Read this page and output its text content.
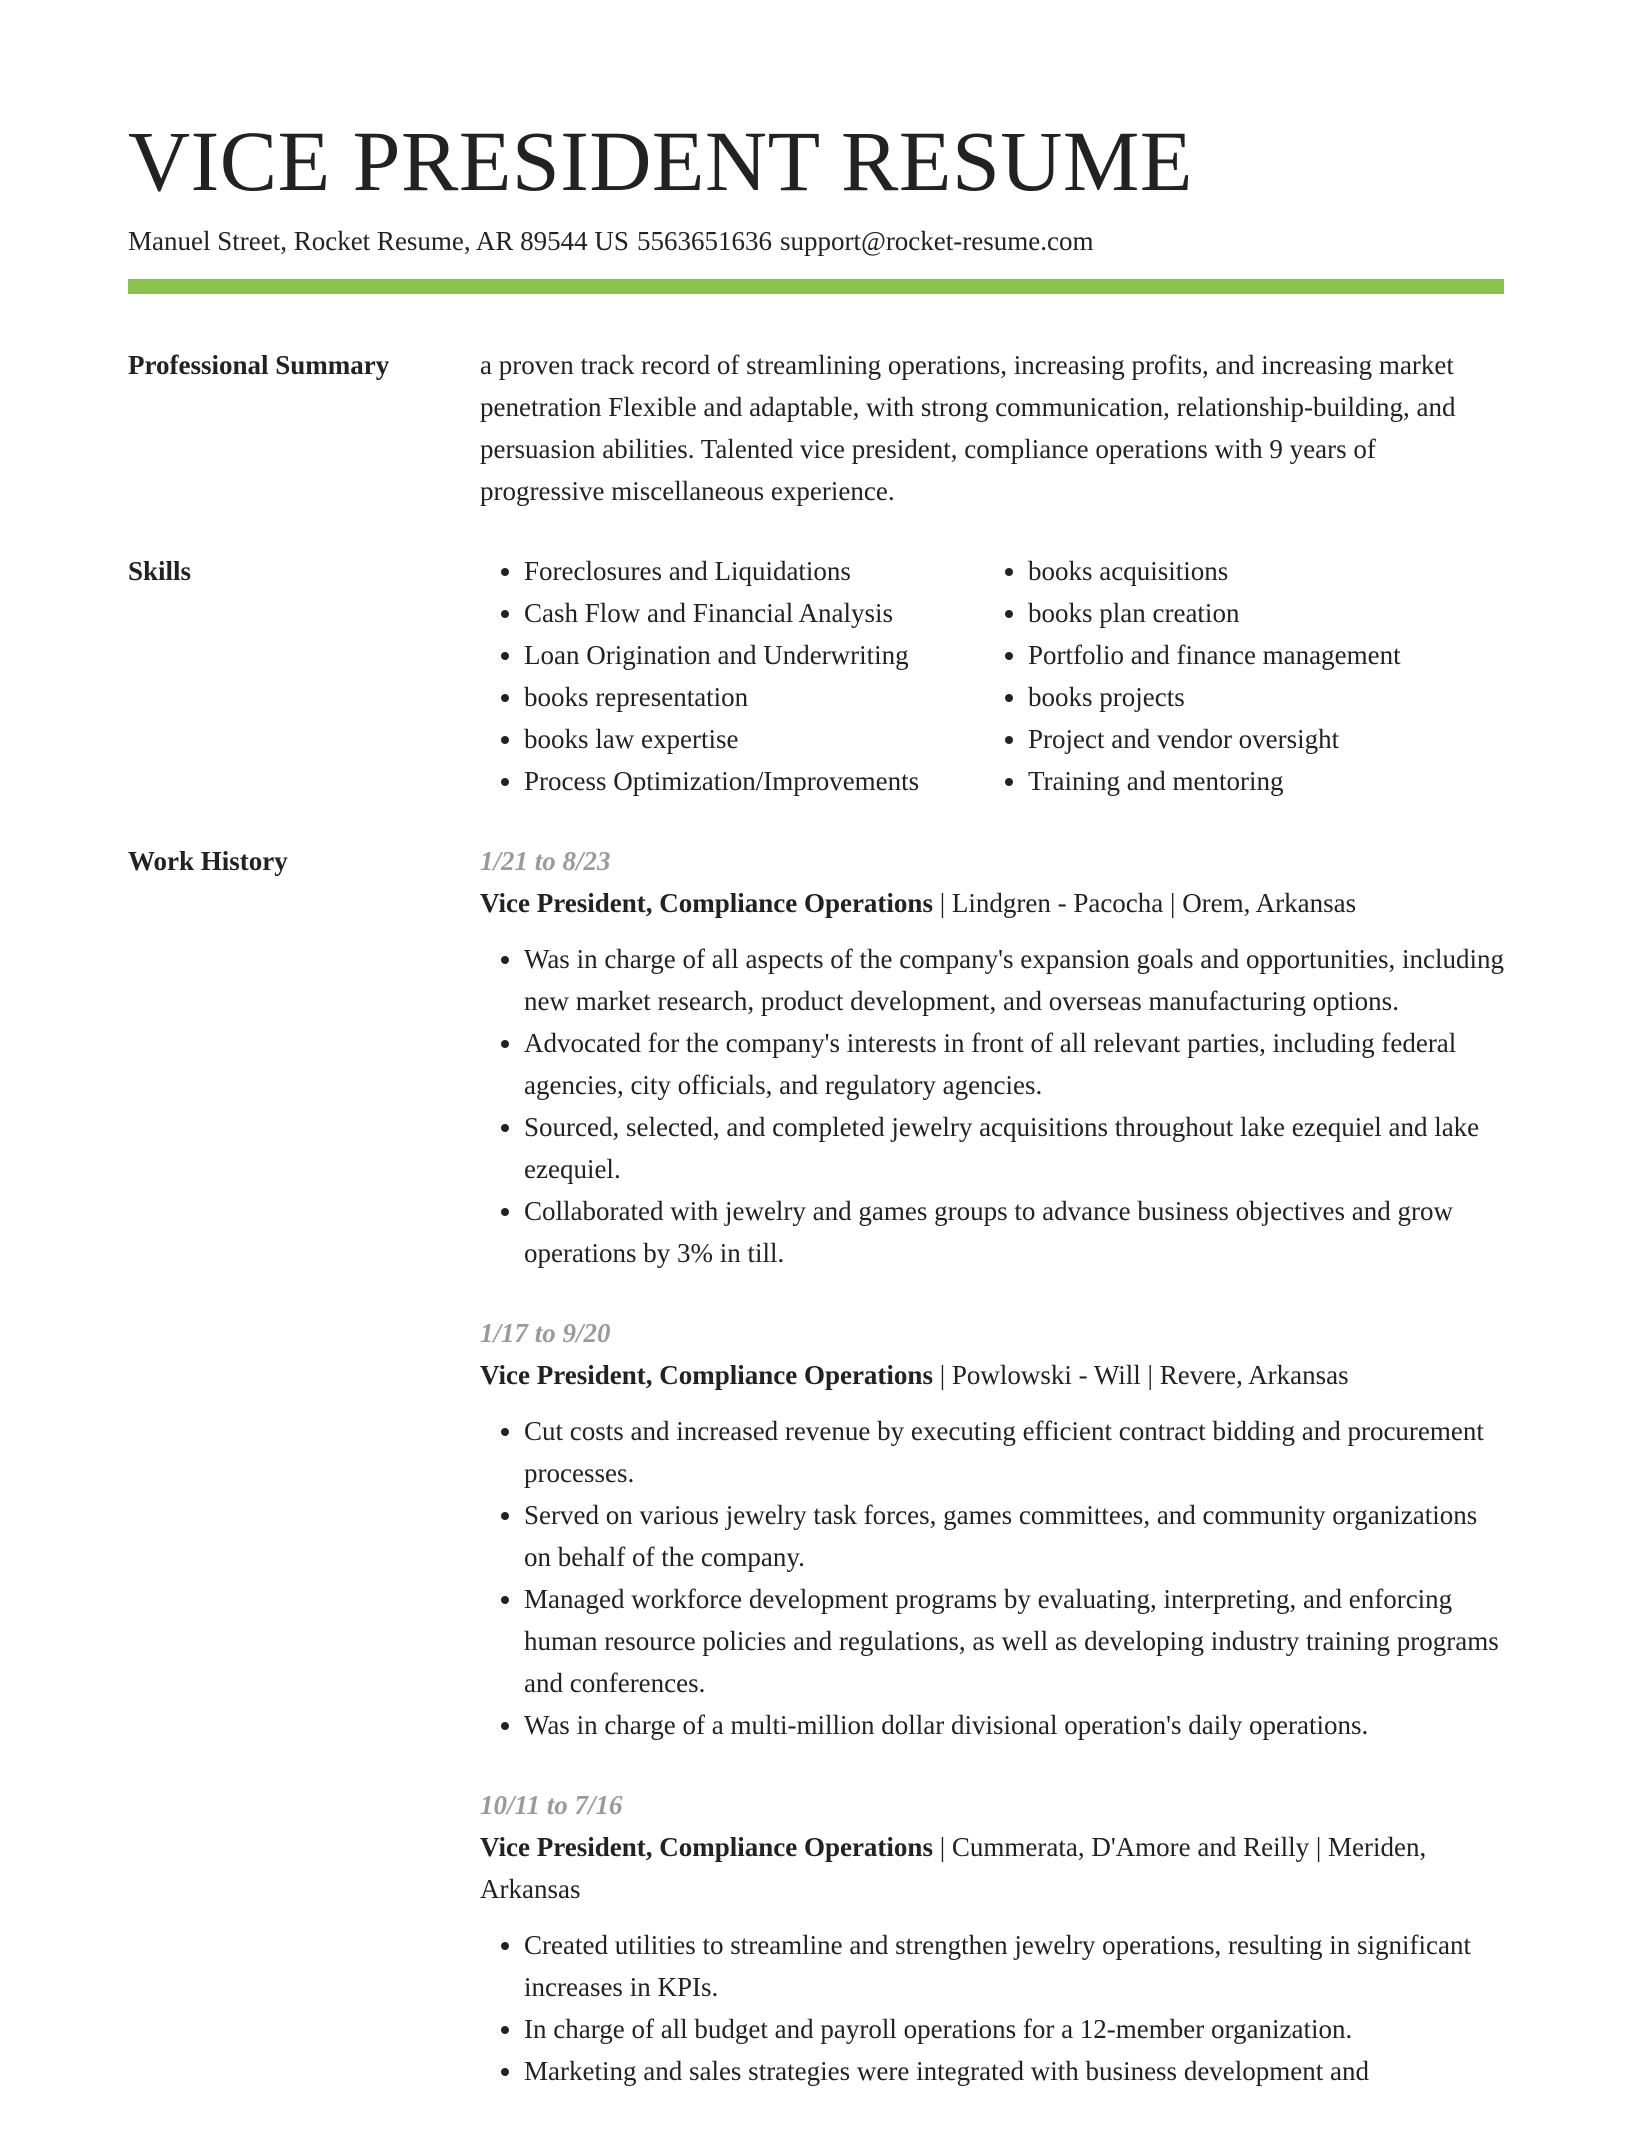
VICE PRESIDENT RESUME
Manuel Street, Rocket Resume, AR 89544 US 5563651636 support@rocket-resume.com
Professional Summary	a proven track record of streamlining operations, increasing profits, and increasing market penetration Flexible and adaptable, with strong communication, relationship-building, and persuasion abilities. Talented vice president, compliance operations with 9 years of progressive miscellaneous experience.
Skills
•	Foreclosures and Liquidations
• Cash Flow and Financial Analysis
• Loan Origination and Underwriting
• books representation
• books law expertise
• Process Optimization/Improvements
• books acquisitions
• books plan creation
• Portfolio and finance management
• books projects
• Project and vendor oversight
• Training and mentoring
Work History	1/21 to 8/23
Vice President, Compliance Operations | Lindgren - Pacocha | Orem, Arkansas
• Was in charge of all aspects of the company's expansion goals and opportunities, including new market research, product development, and overseas manufacturing options.
• Advocated for the company's interests in front of all relevant parties, including federal agencies, city officials, and regulatory agencies.
• Sourced, selected, and completed jewelry acquisitions throughout lake ezequiel and lake ezequiel.
• Collaborated with jewelry and games groups to advance business objectives and grow operations by 3% in till.
1/17 to 9/20
Vice President, Compliance Operations | Powlowski - Will | Revere, Arkansas
• Cut costs and increased revenue by executing efficient contract bidding and procurement processes.
• Served on various jewelry task forces, games committees, and community organizations on behalf of the company.
• Managed workforce development programs by evaluating, interpreting, and enforcing human resource policies and regulations, as well as developing industry training programs and conferences.
• Was in charge of a multi-million dollar divisional operation's daily operations.
10/11 to 7/16
Vice President, Compliance Operations | Cummerata, D'Amore and Reilly | Meriden, Arkansas
• Created utilities to streamline and strengthen jewelry operations, resulting in significant increases in KPIs.
• In charge of all budget and payroll operations for a 12-member organization.
• Marketing and sales strategies were integrated with business development and
